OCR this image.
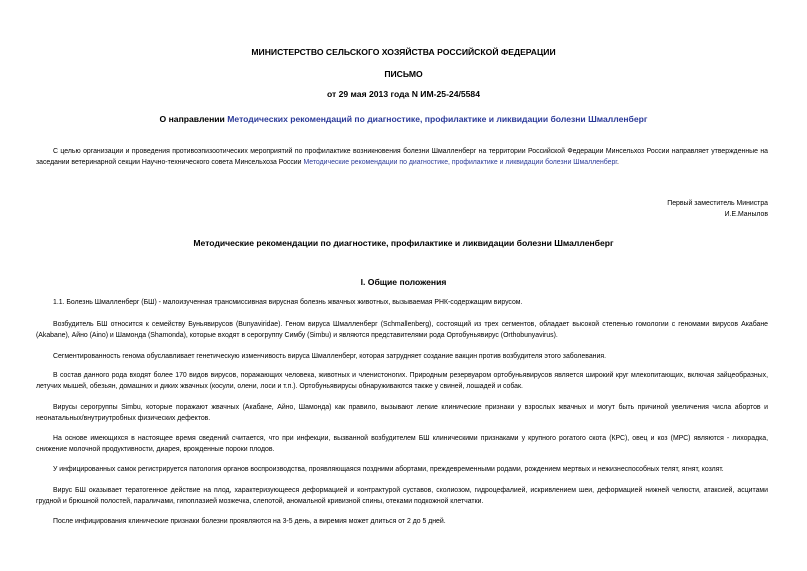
МИНИСТЕРСТВО СЕЛЬСКОГО ХОЗЯЙСТВА РОССИЙСКОЙ ФЕДЕРАЦИИ
ПИСЬМО
от 29 мая 2013 года N ИМ-25-24/5584
О направлении Методических рекомендаций по диагностике, профилактике и ликвидации болезни Шмалленберг

С целью организации и проведения противоэпизоотических мероприятий по профилактике возникновения болезни Шмалленберг на территории Российской Федерации Минсельхоз России направляет утвержденные на заседании ветеринарной секции Научно-технического совета Минсельхоза России Методические рекомендации по диагностике, профилактике и ликвидации болезни Шмалленберг.

Первый заместитель Министра
И.Е.Манылов
Методические рекомендации по диагностике, профилактике и ликвидации болезни Шмалленберг
I. Общие положения

1.1. Болезнь Шмалленберг (БШ) - малоизученная трансмиссивная вирусная болезнь жвачных животных, вызываемая РНК-содержащим вирусом.

Возбудитель БШ относится к семейству Буньявирусов (Bunyaviridae). Геном вируса Шмалленберг (Schmallenberg), состоящий из трех сегментов, обладает высокой степенью гомологии с геномами вирусов Акабане (Akabane), Айно (Aino) и Шамонда (Shamonda), которые входят в серогруппу Симбу (Simbu) и являются представителями рода Ортобуньявирус (Orthobunyavirus).

Сегментированность генома обуславливает генетическую изменчивость вируса Шмалленберг, которая затрудняет создание вакцин против возбудителя этого заболевания.

В состав данного рода входят более 170 видов вирусов, поражающих человека, животных и членистоногих. Природным резервуаром ортобуньявирусов является широкий круг млекопитающих, включая зайцеобразных, летучих мышей, обезьян, домашних и диких жвачных (косули, олени, лоси и т.п.). Ортобуньявирусы обнаруживаются также у свиней, лошадей и собак.

Вирусы серогруппы Simbu, которые поражают жвачных (Акабане, Айно, Шамонда) как правило, вызывают легкие клинические признаки у взрослых жвачных и могут быть причиной увеличения числа абортов и неонатальных/внутриутробных физических дефектов.

На основе имеющихся в настоящее время сведений считается, что при инфекции, вызванной возбудителем БШ клиническими признаками у крупного рогатого скота (КРС), овец и коз (МРС) являются - лихорадка, снижение молочной продуктивности, диарея, врожденные пороки плодов.

У инфицированных самок регистрируется патология органов воспроизводства, проявляющаяся поздними абортами, преждевременными родами, рождением мертвых и нежизнеспособных телят, ягнят, козлят.

Вирус БШ оказывает тератогенное действие на плод, характеризующееся деформацией и контрактурой суставов, сколиозом, гидроцефалией, искривлением шеи, деформацией нижней челюсти, атаксией, асцитами грудной и брюшной полостей, параличами, гипоплазией мозжечка, слепотой, аномальной кривизной спины, отеками подкожной клетчатки.

После инфицирования клинические признаки болезни проявляются на 3-5 день, а виремия может длиться от 2 до 5 дней.
